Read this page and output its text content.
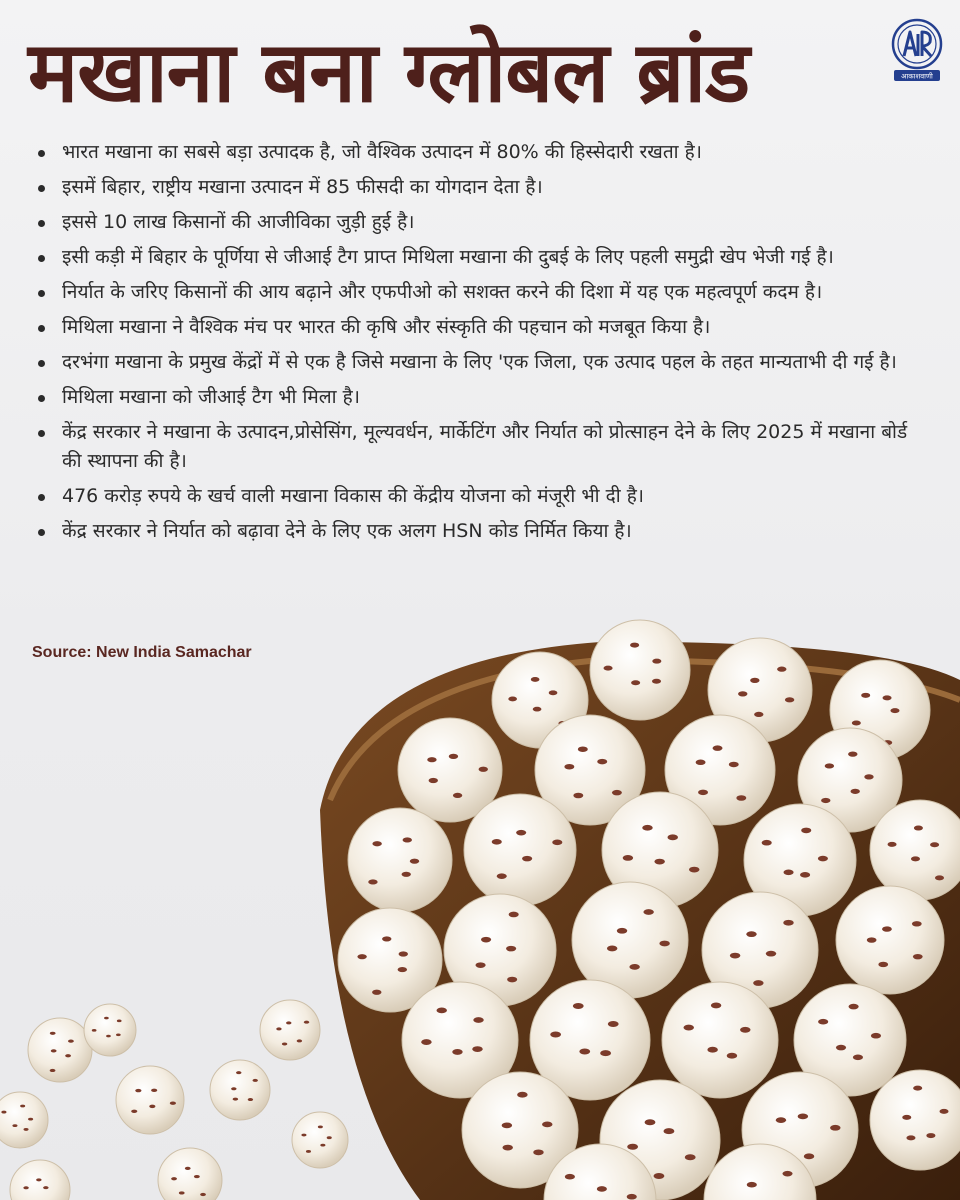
मखाना बना ग्लोबल ब्रांड	आकाशवाणी
भारत मखाना का सबसे बड़ा उत्पादक है, जो वैश्विक उत्पादन में 80% की हिस्सेदारी रखता है।
इसमें बिहार, राष्ट्रीय मखाना उत्पादन में 85 फीसदी का योगदान देता है।
इससे 10 लाख किसानों की आजीविका जुड़ी हुई है।
इसी कड़ी में बिहार के पूर्णिया से जीआई टैग प्राप्त मिथिला मखाना की दुबई के लिए पहली समुद्री खेप भेजी गई है।
निर्यात के जरिए किसानों की आय बढ़ाने और एफपीओ को सशक्त करने की दिशा में यह एक महत्वपूर्ण कदम है।
मिथिला मखाना ने वैश्विक मंच पर भारत की कृषि और संस्कृति की पहचान को मजबूत किया है।
दरभंगा मखाना के प्रमुख केंद्रों में से एक है जिसे मखाना के लिए 'एक जिला, एक उत्पाद पहल के तहत मान्यताभी दी गई है।
मिथिला मखाना को जीआई टैग भी मिला है।
केंद्र सरकार ने मखाना के उत्पादन,प्रोसेसिंग, मूल्यवर्धन, मार्केटिंग और निर्यात को प्रोत्साहन देने के लिए 2025 में मखाना बोर्ड की स्थापना की है।
476 करोड़ रुपये के खर्च वाली मखाना विकास की केंद्रीय योजना को मंजूरी भी दी है।
केंद्र सरकार ने निर्यात को बढ़ावा देने के लिए एक अलग HSN कोड निर्मित किया है।
Source: New India Samachar
